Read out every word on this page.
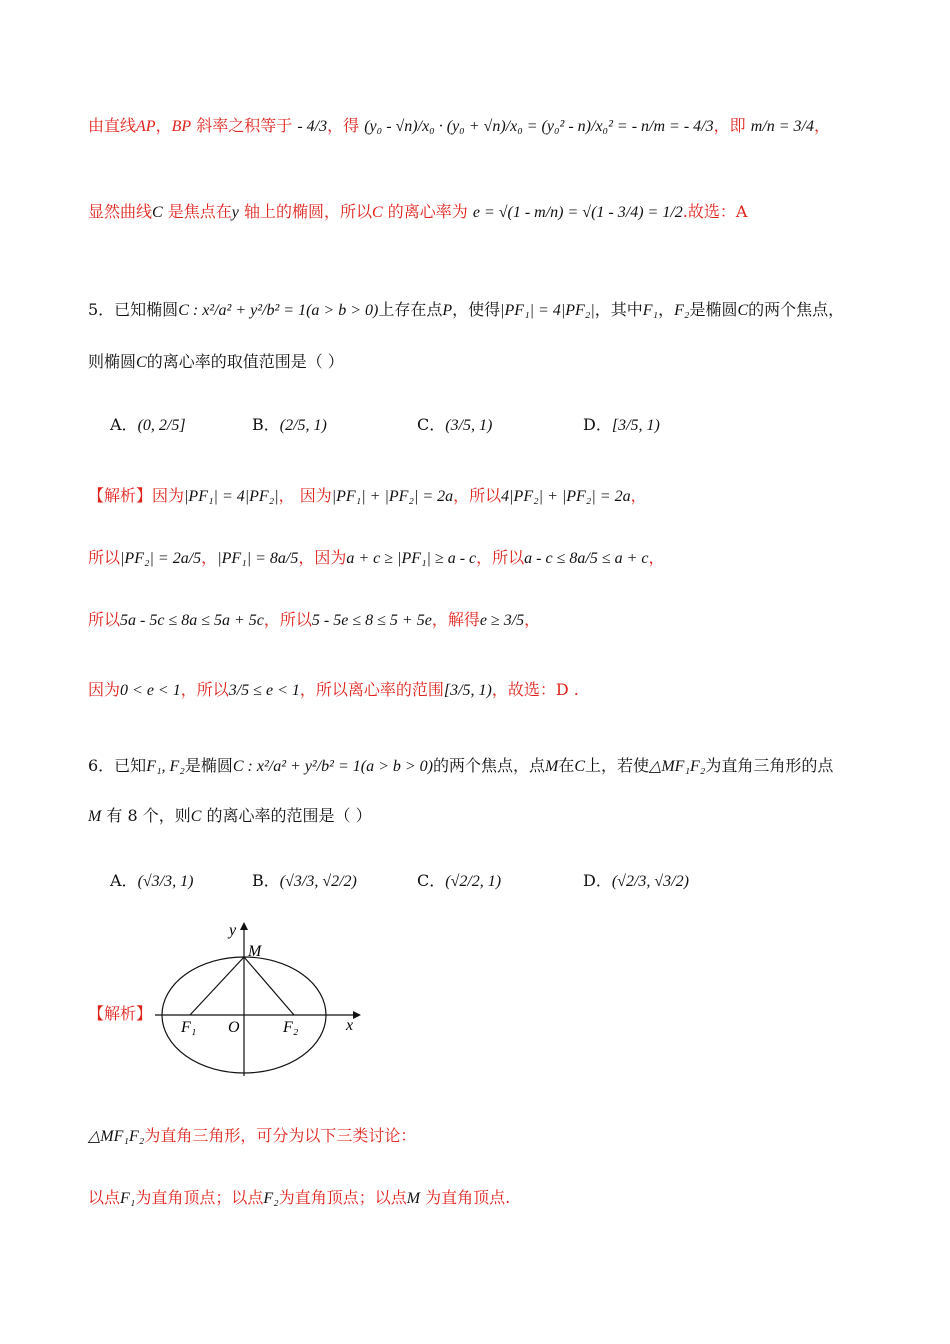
由直线AP，BP 斜率之积等于 - 4/3，得 (y₀ - √n)/x₀ · (y₀ + √n)/x₀ = (y₀² - n)/x₀² = - n/m = - 4/3，即 m/n = 3/4，
显然曲线C 是焦点在y 轴上的椭圆，所以C 的离心率为 e = √(1 - m/n) = √(1 - 3/4) = 1/2.故选：A
5．已知椭圆C : x²/a² + y²/b² = 1(a > b > 0)上存在点P，使得|PF₁| = 4|PF₂|，其中F₁，F₂是椭圆C的两个焦点，
则椭圆C的离心率的取值范围是（ ）
A．(0, 2/5]	B．(2/5, 1)	C．(3/5, 1)	D．[3/5, 1)
【解析】因为|PF₁| = 4|PF₂|， 因为|PF₁| + |PF₂| = 2a，所以4|PF₂| + |PF₂| = 2a，
所以|PF₂| = 2a/5，|PF₁| = 8a/5，因为a + c ≥ |PF₁| ≥ a - c，所以a - c ≤ 8a/5 ≤ a + c，
所以5a - 5c ≤ 8a ≤ 5a + 5c，所以5 - 5e ≤ 8 ≤ 5 + 5e，解得e ≥ 3/5，
因为0 < e < 1，所以3/5 ≤ e < 1，所以离心率的范围[3/5, 1)，故选：D .
6．已知F₁, F₂是椭圆C : x²/a² + y²/b² = 1(a > b > 0)的两个焦点，点M在C上，若使△MF₁F₂为直角三角形的点
M 有 8 个，则C 的离心率的范围是（ ）
A．(√3/3, 1)	B．(√3/3, √2/2)	C．(√2/2, 1)	D．(√2/3, √3/2)
【解析】
y
M
F₁ O	F₂	x
△MF₁F₂为直角三角形，可分为以下三类讨论：
以点F₁为直角顶点；以点F₂为直角顶点；以点M 为直角顶点.
